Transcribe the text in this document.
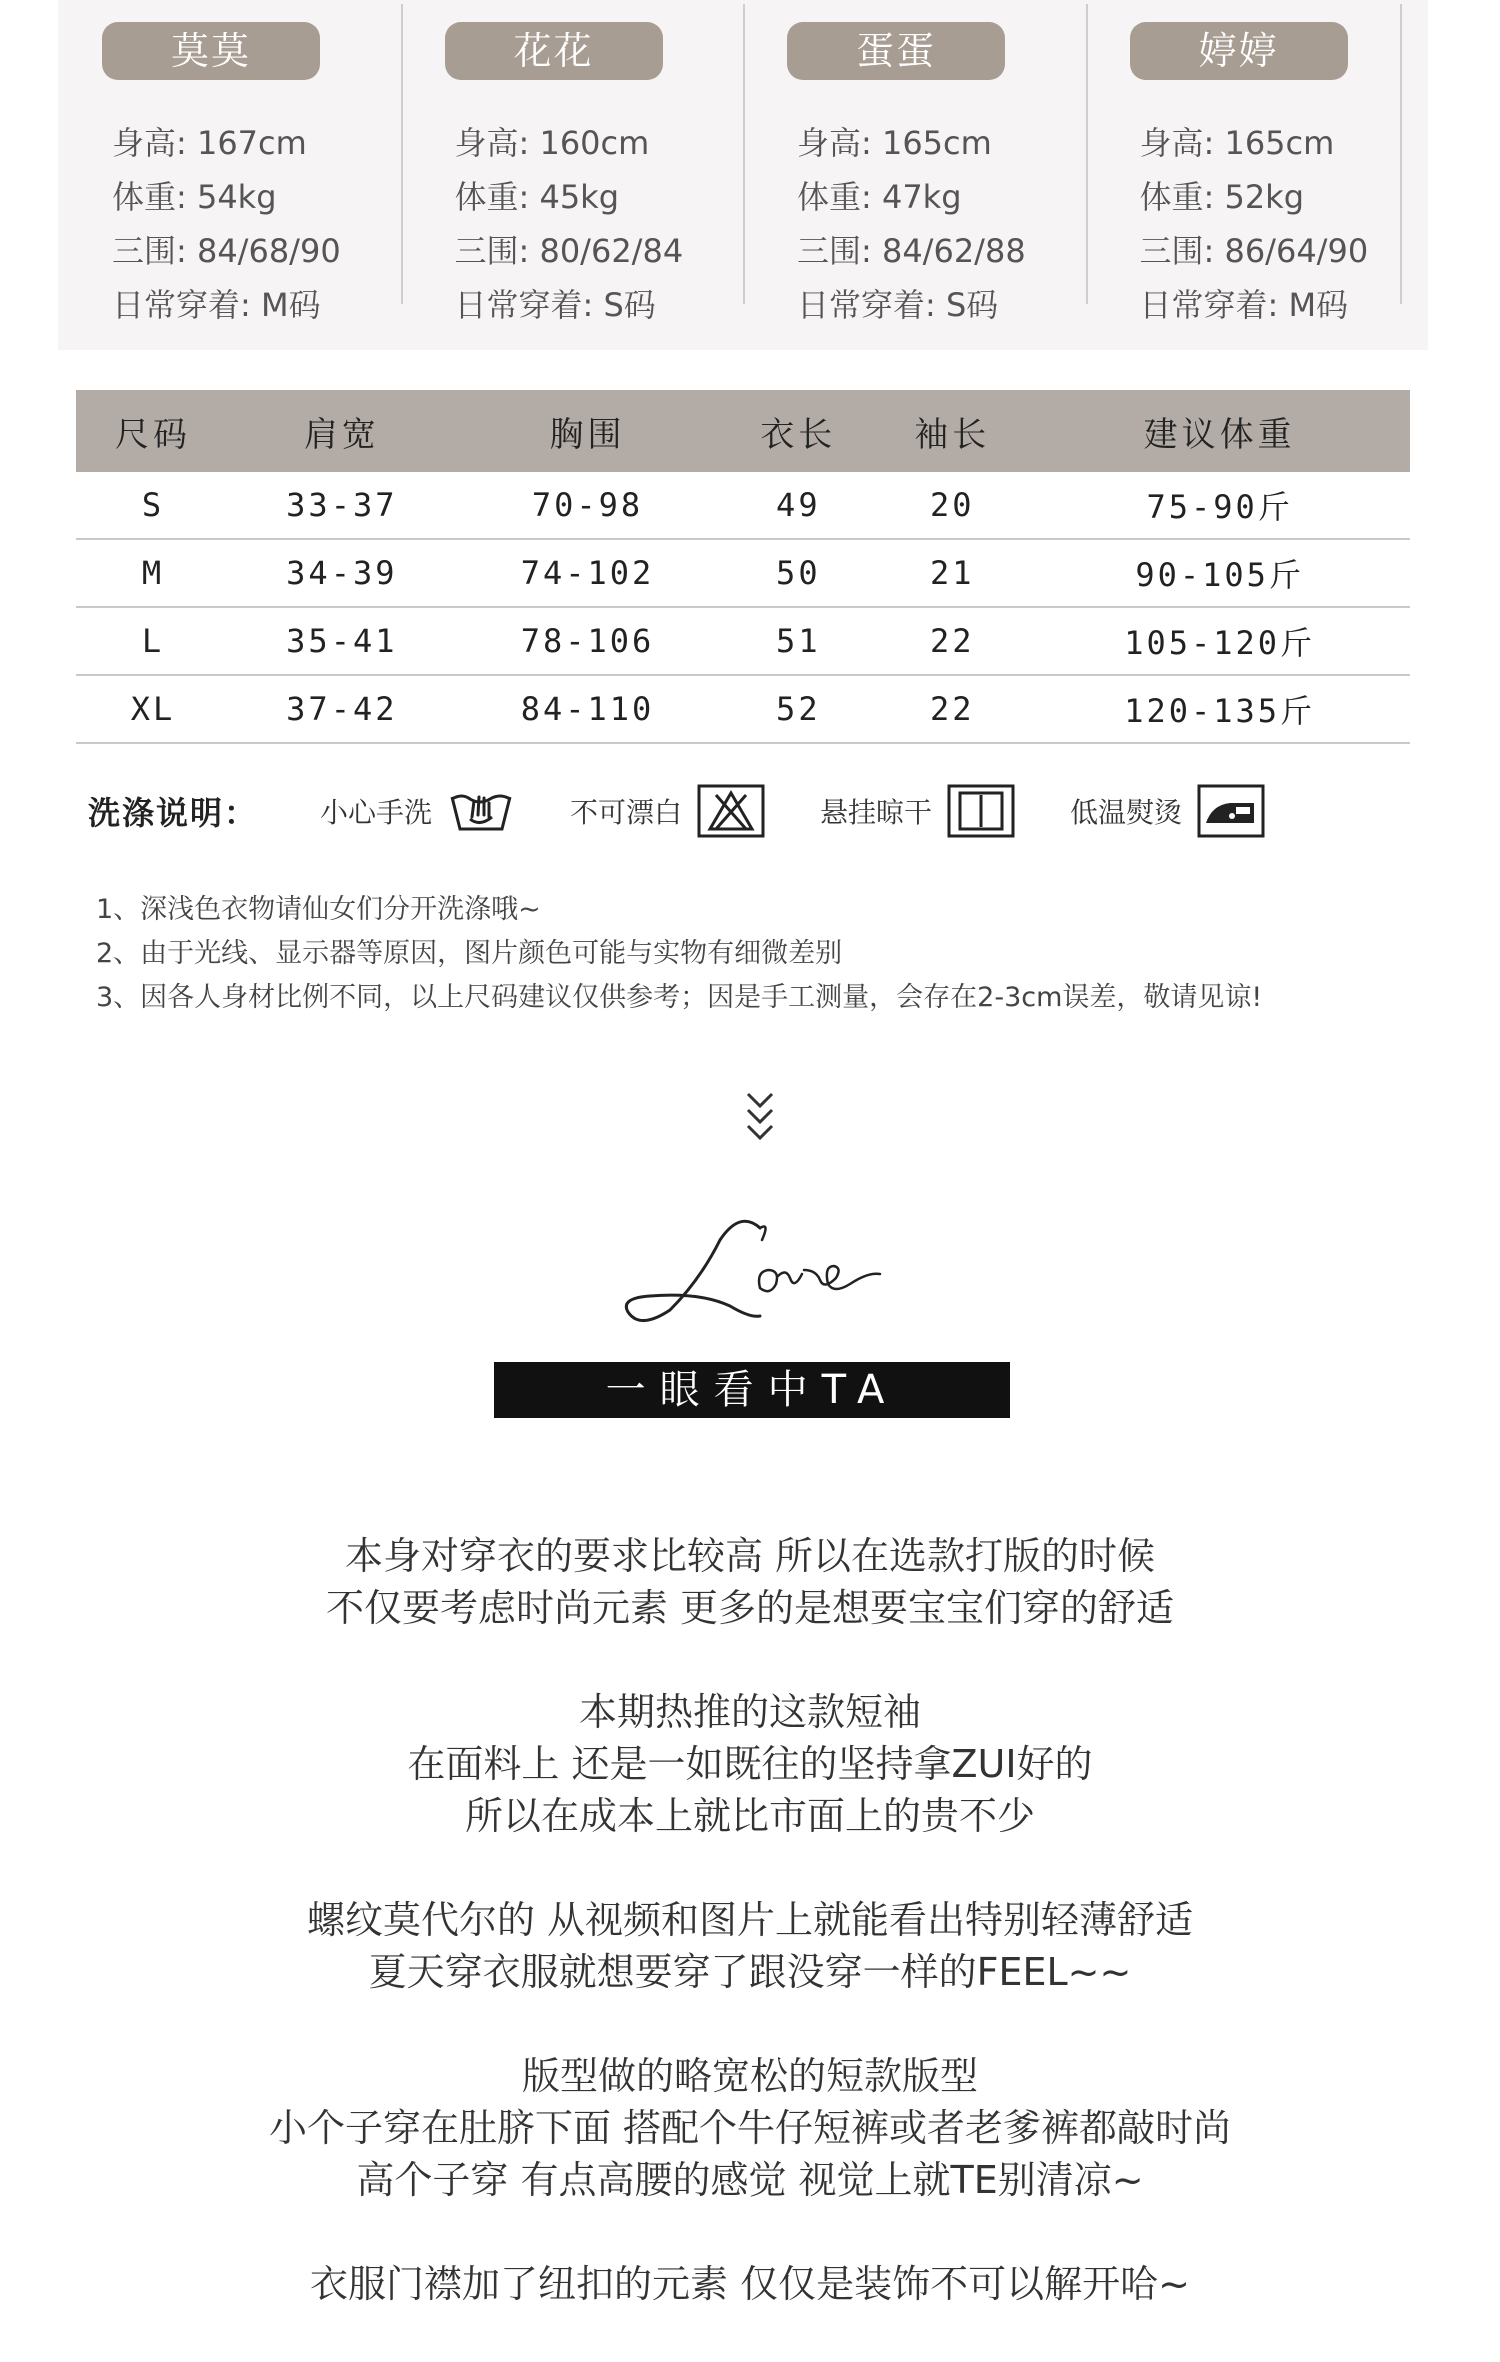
莫莫
身高: 167cm
体重: 54kg
三围: 84/68/90
日常穿着: M码
花花
身高: 160cm
体重: 45kg
三围: 80/62/84
日常穿着: S码
蛋蛋
身高: 165cm
体重: 47kg
三围: 84/62/88
日常穿着: S码
婷婷
身高: 165cm
体重: 52kg
三围: 86/64/90
日常穿着: M码
尺码	肩宽	胸围	衣长	袖长	建议体重
S	33-37	70-98	49	20	75-90斤
M	34-39	74-102	50	21	90-105斤
L	35-41	78-106	51	22	105-120斤
XL	37-42	84-110	52	22	120-135斤
洗涤说明：	小心手洗	不可漂白	悬挂晾干	低温熨烫
1、深浅色衣物请仙女们分开洗涤哦~
2、由于光线、显示器等原因，图片颜色可能与实物有细微差别
3、因各人身材比例不同，以上尺码建议仅供参考；因是手工测量，会存在2-3cm误差，敬请见谅!
一眼看中TA
本身对穿衣的要求比较高 所以在选款打版的时候
不仅要考虑时尚元素 更多的是想要宝宝们穿的舒适
本期热推的这款短袖
在面料上 还是一如既往的坚持拿ZUI好的
所以在成本上就比市面上的贵不少
螺纹莫代尔的 从视频和图片上就能看出特别轻薄舒适
夏天穿衣服就想要穿了跟没穿一样的FEEL~~
版型做的略宽松的短款版型
小个子穿在肚脐下面 搭配个牛仔短裤或者老爹裤都敲时尚
高个子穿 有点高腰的感觉 视觉上就TE别清凉~
衣服门襟加了纽扣的元素 仅仅是装饰不可以解开哈~
